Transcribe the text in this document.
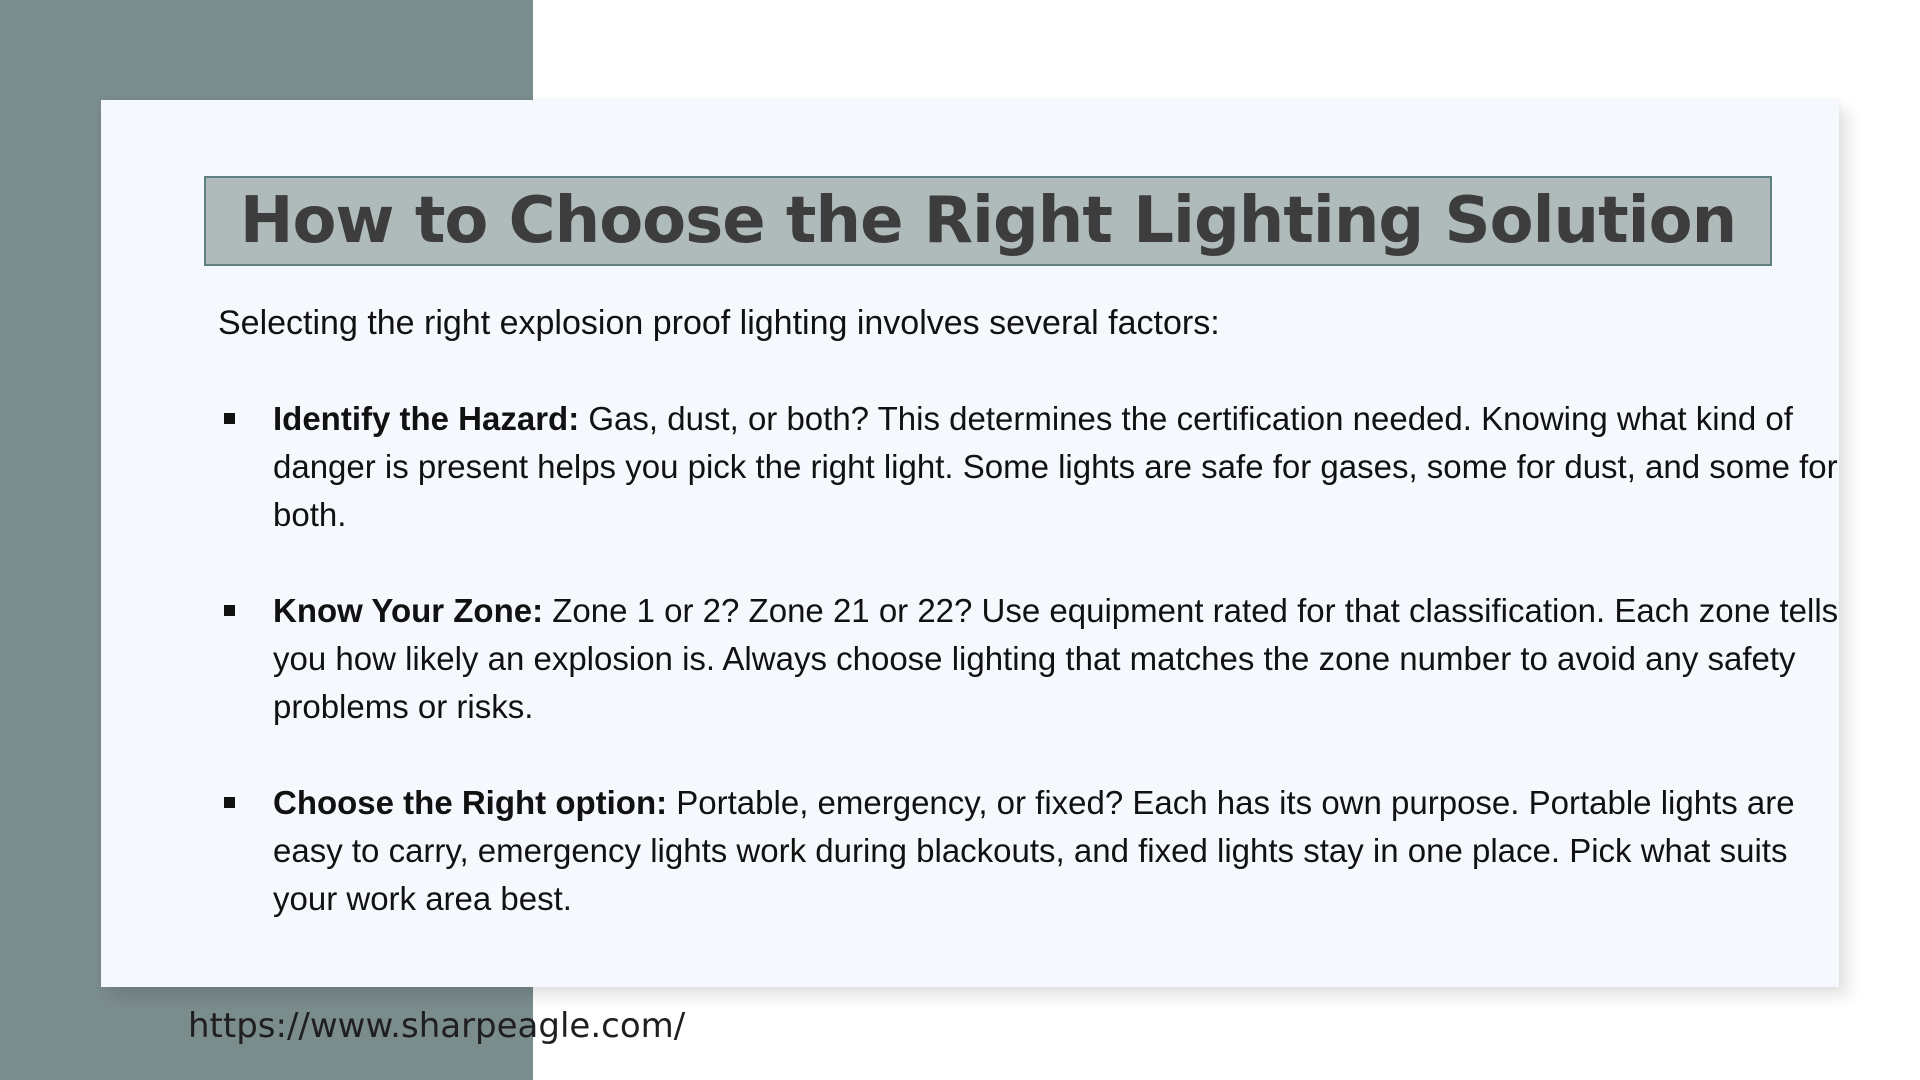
How to Choose the Right Lighting Solution
Selecting the right explosion proof lighting involves several factors:
Identify the Hazard: Gas, dust, or both? This determines the certification needed. Knowing what kind of danger is present helps you pick the right light. Some lights are safe for gases, some for dust, and some for both.
Know Your Zone: Zone 1 or 2? Zone 21 or 22? Use equipment rated for that classification. Each zone tells you how likely an explosion is. Always choose lighting that matches the zone number to avoid any safety problems or risks.
Choose the Right option: Portable, emergency, or fixed? Each has its own purpose. Portable lights are easy to carry, emergency lights work during blackouts, and fixed lights stay in one place. Pick what suits your work area best.
https://www.sharpeagle.com/
